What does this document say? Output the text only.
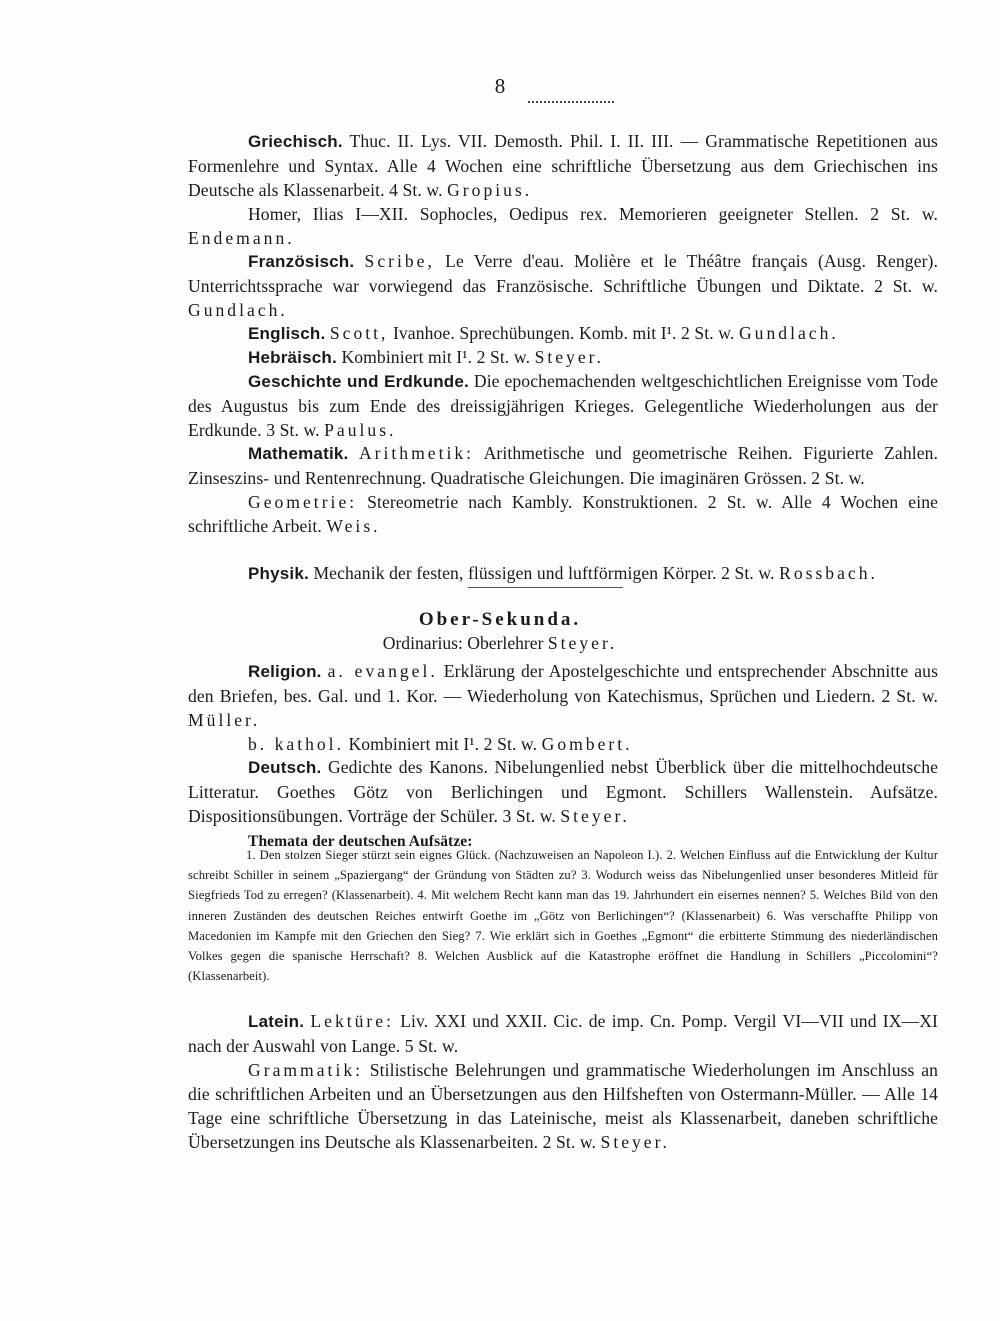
8

Griechisch. Thuc. II. Lys. VII. Demosth. Phil. I. II. III. — Grammatische Repetitionen aus Formenlehre und Syntax. Alle 4 Wochen eine schriftliche Übersetzung aus dem Griechischen ins Deutsche als Klassenarbeit. 4 St. w. Gropius.

Homer, Ilias I—XII. Sophocles, Oedipus rex. Memorieren geeigneter Stellen. 2 St. w. Endemann.

Französisch. Scribe, Le Verre d'eau. Molière et le Théâtre français (Ausg. Renger). Unterrichtssprache war vorwiegend das Französische. Schriftliche Übungen und Diktate. 2 St. w. Gundlach.

Englisch. Scott, Ivanhoe. Sprechübungen. Komb. mit I¹. 2 St. w. Gundlach.

Hebräisch. Kombiniert mit I¹. 2 St. w. Steyer.

Geschichte und Erdkunde. Die epochemachenden weltgeschichtlichen Ereignisse vom Tode des Augustus bis zum Ende des dreissigjährigen Krieges. Gelegentliche Wiederholungen aus der Erdkunde. 3 St. w. Paulus.

Mathematik. Arithmetik: Arithmetische und geometrische Reihen. Figurierte Zahlen. Zinseszins- und Rentenrechnung. Quadratische Gleichungen. Die imaginären Grössen. 2 St. w.

Geometrie: Stereometrie nach Kambly. Konstruktionen. 2 St. w. Alle 4 Wochen eine schriftliche Arbeit. Weis.

Physik. Mechanik der festen, flüssigen und luftförmigen Körper. 2 St. w. Rossbach.

Ober-Sekunda.
Ordinarius: Oberlehrer Steyer.

Religion. a. evangel. Erklärung der Apostelgeschichte und entsprechender Abschnitte aus den Briefen, bes. Gal. und 1. Kor. — Wiederholung von Katechismus, Sprüchen und Liedern. 2 St. w. Müller.

b. kathol. Kombiniert mit I¹. 2 St. w. Gombert.

Deutsch. Gedichte des Kanons. Nibelungenlied nebst Überblick über die mittelhochdeutsche Litteratur. Goethes Götz von Berlichingen und Egmont. Schillers Wallenstein. Aufsätze. Dispositionsübungen. Vorträge der Schüler. 3 St. w. Steyer.

Themata der deutschen Aufsätze:

1. Den stolzen Sieger stürzt sein eignes Glück. (Nachzuweisen an Napoleon I.). 2. Welchen Einfluss auf die Entwicklung der Kultur schreibt Schiller in seinem „Spaziergang“ der Gründung von Städten zu? 3. Wodurch weiss das Nibelungenlied unser besonderes Mitleid für Siegfrieds Tod zu erregen? (Klassenarbeit). 4. Mit welchem Recht kann man das 19. Jahrhundert ein eisernes nennen? 5. Welches Bild von den inneren Zuständen des deutschen Reiches entwirft Goethe im „Götz von Berlichingen“? (Klassenarbeit) 6. Was verschaffte Philipp von Macedonien im Kampfe mit den Griechen den Sieg? 7. Wie erklärt sich in Goethes „Egmont“ die erbitterte Stimmung des niederländischen Volkes gegen die spanische Herrschaft? 8. Welchen Ausblick auf die Katastrophe eröffnet die Handlung in Schillers „Piccolomini“? (Klassenarbeit).

Latein. Lektüre: Liv. XXI und XXII. Cic. de imp. Cn. Pomp. Vergil VI—VII und IX—XI nach der Auswahl von Lange. 5 St. w.

Grammatik: Stilistische Belehrungen und grammatische Wiederholungen im Anschluss an die schriftlichen Arbeiten und an Übersetzungen aus den Hilfsheften von Ostermann-Müller. — Alle 14 Tage eine schriftliche Übersetzung in das Lateinische, meist als Klassenarbeit, daneben schriftliche Übersetzungen ins Deutsche als Klassenarbeiten. 2 St. w. Steyer.
